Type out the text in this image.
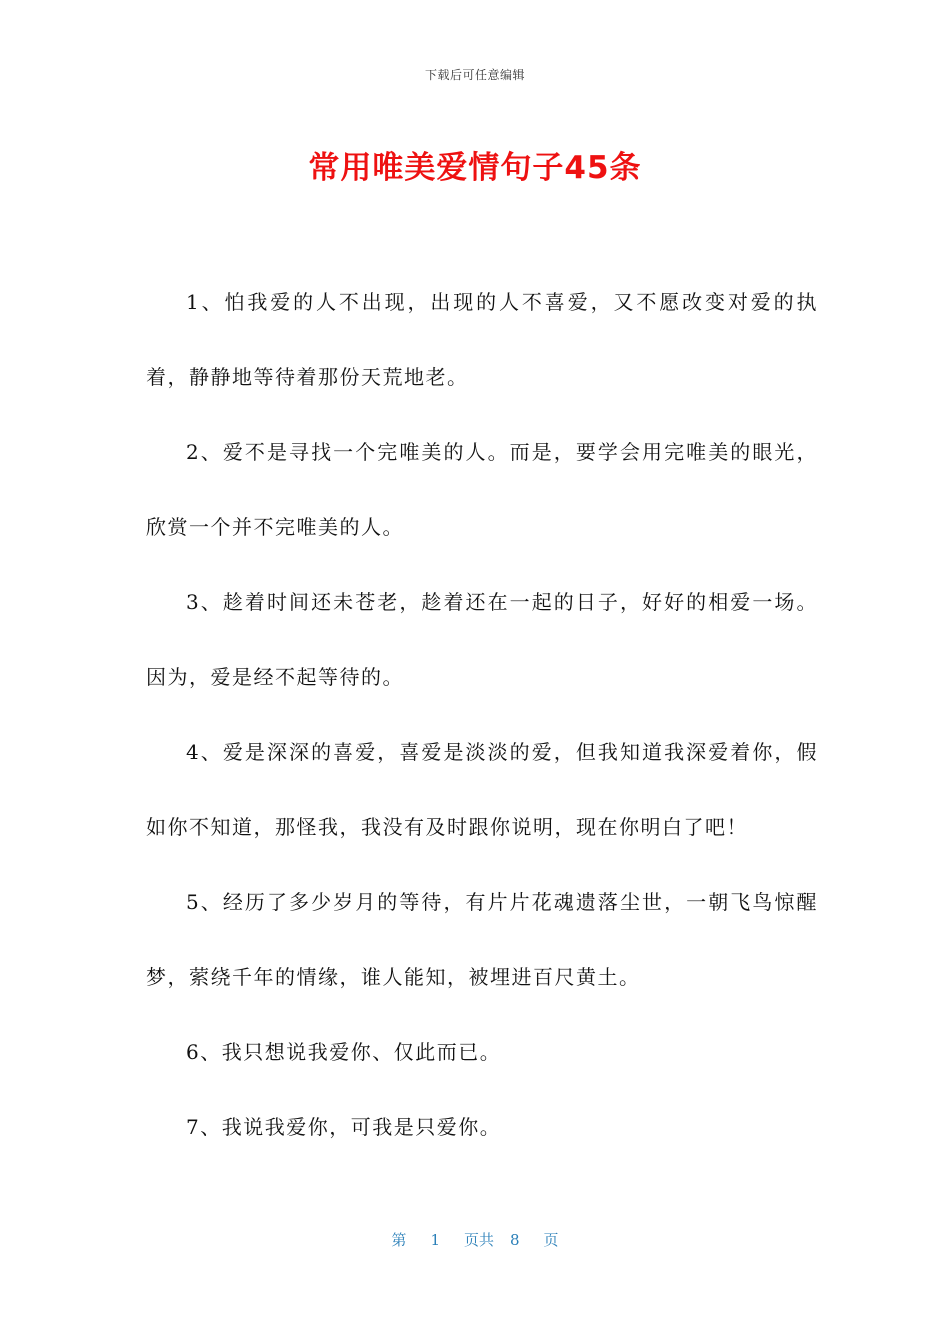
下载后可任意编辑
常用唯美爱情句子45条

1、怕我爱的人不出现，出现的人不喜爱，又不愿改变对爱的执着，静静地等待着那份天荒地老。

2、爱不是寻找一个完唯美的人。而是，要学会用完唯美的眼光，欣赏一个并不完唯美的人。

3、趁着时间还未苍老，趁着还在一起的日子，好好的相爱一场。因为，爱是经不起等待的。

4、爱是深深的喜爱，喜爱是淡淡的爱，但我知道我深爱着你，假如你不知道，那怪我，我没有及时跟你说明，现在你明白了吧！

5、经历了多少岁月的等待，有片片花魂遗落尘世，一朝飞鸟惊醒梦，萦绕千年的情缘，谁人能知，被埋进百尺黄土。

6、我只想说我爱你、仅此而已。

7、我说我爱你，可我是只爱你。

第 1 页共 8 页
